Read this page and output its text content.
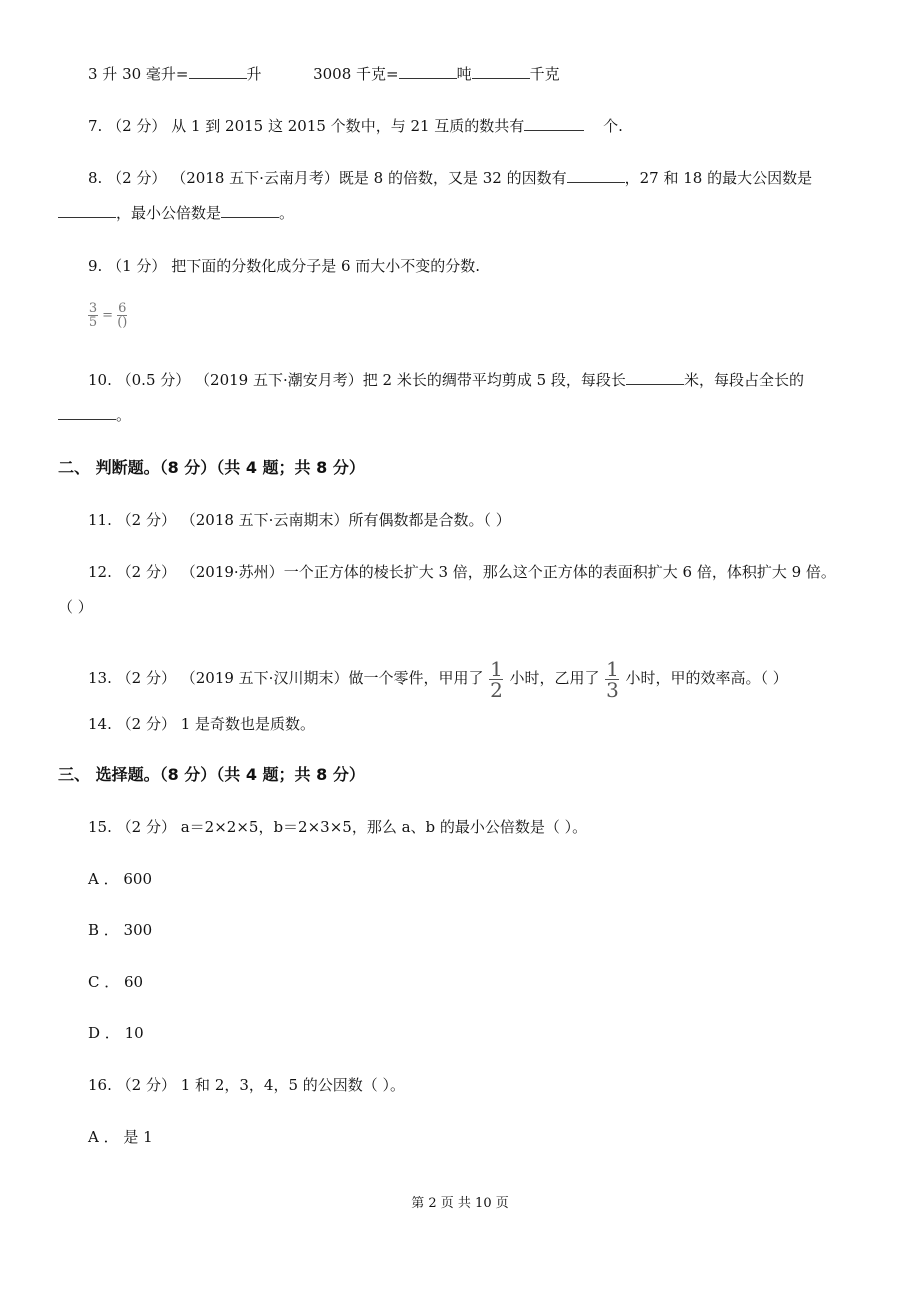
3 升 30 毫升=	升	3008 千克=	吨	千克
7. （2 分） 从 1 到 2015 这 2015 个数中，与 21 互质的数共有	个.
8. （2 分） （2018 五下·云南月考）既是 8 的倍数，又是 32 的因数有	，27 和 18 的最大公因数是
，最小公倍数是	。
9. （1 分） 把下面的分数化成分子是 6 而大小不变的分数.
$\frac{3}{5} = 6$
()
10. （0.5 分） （2019 五下·潮安月考）把 2 米长的绸带平均剪成 5 段，每段长	米，每段占全长的
。
二、 判断题。（8 分）（共 4 题；共 8 分）
11. （2 分） （2018 五下·云南期末）所有偶数都是合数。（ ）
12. （2 分） （2019·苏州）一个正方体的棱长扩大 3 倍，那么这个正方体的表面积扩大 6 倍，体积扩大 9 倍。
（ ）
13. （2 分） （2019 五下·汉川期末）做一个零件，甲用了 $\frac{1}{2}$ 小时，乙用了 $\frac{1}{3}$ 小时，甲的效率高。（ ）
14. （2 分） 1 是奇数也是质数。
三、 选择题。（8 分）（共 4 题；共 8 分）
15. （2 分） a＝2×2×5，b＝2×3×5，那么 a、b 的最小公倍数是（ ）。
A ． 600
B ． 300
C ． 60
D ． 10
16. （2 分） 1 和 2，3，4，5 的公因数（ ）。
A ． 是 1
第 2 页 共 10 页
